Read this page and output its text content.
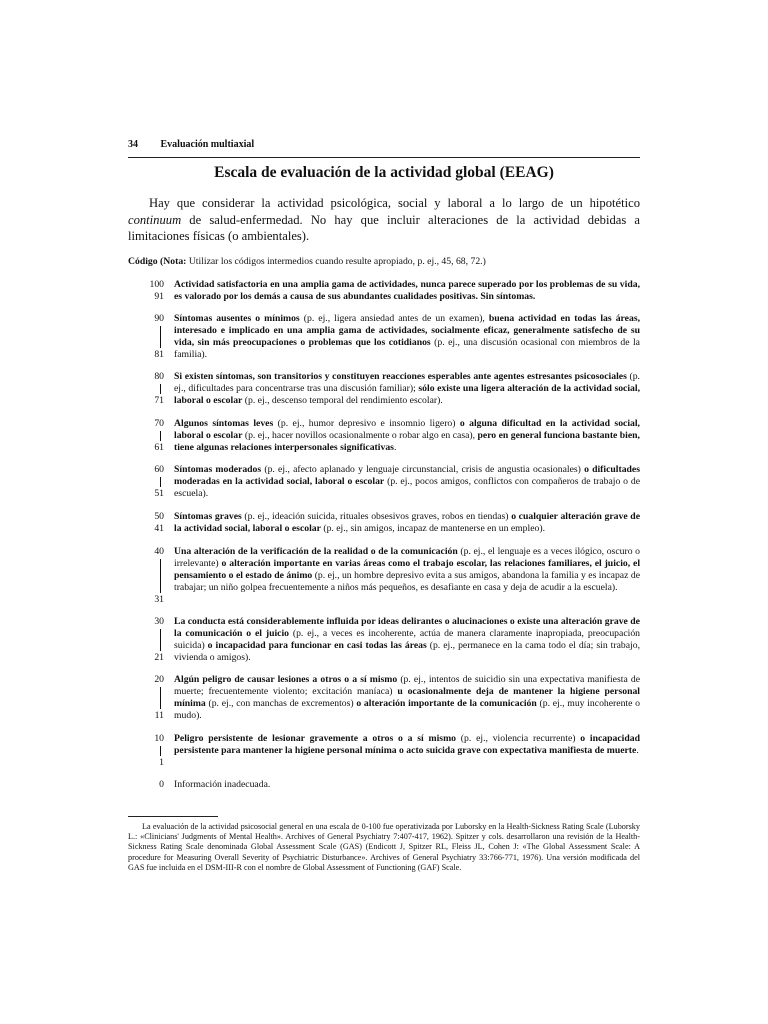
34 Evaluación multiaxial
Escala de evaluación de la actividad global (EEAG)
Hay que considerar la actividad psicológica, social y laboral a lo largo de un hipotético continuum de salud-enfermedad. No hay que incluir alteraciones de la actividad debidas a limitaciones físicas (o ambientales).
Código (Nota: Utilizar los códigos intermedios cuando resulte apropiado, p. ej., 45, 68, 72.)
100
91
Actividad satisfactoria en una amplia gama de actividades, nunca parece superado por los problemas de su vida, es valorado por los demás a causa de sus abundantes cualidades positivas. Sin síntomas.
90
81
Síntomas ausentes o mínimos (p. ej., ligera ansiedad antes de un examen), buena actividad en todas las áreas, interesado e implicado en una amplia gama de actividades, socialmente eficaz, generalmente satisfecho de su vida, sin más preocupaciones o problemas que los cotidianos (p. ej., una discusión ocasional con miembros de la familia).
80
71
Si existen síntomas, son transitorios y constituyen reacciones esperables ante agentes estresantes psicosociales (p. ej., dificultades para concentrarse tras una discusión familiar); sólo existe una ligera alteración de la actividad social, laboral o escolar (p. ej., descenso temporal del rendimiento escolar).
70
61
Algunos síntomas leves (p. ej., humor depresivo e insomnio ligero) o alguna dificultad en la actividad social, laboral o escolar (p. ej., hacer novillos ocasionalmente o robar algo en casa), pero en general funciona bastante bien, tiene algunas relaciones interpersonales significativas.
60
51
Síntomas moderados (p. ej., afecto aplanado y lenguaje circunstancial, crisis de angustia ocasionales) o dificultades moderadas en la actividad social, laboral o escolar (p. ej., pocos amigos, conflictos con compañeros de trabajo o de escuela).
50
41
Síntomas graves (p. ej., ideación suicida, rituales obsesivos graves, robos en tiendas) o cualquier alteración grave de la actividad social, laboral o escolar (p. ej., sin amigos, incapaz de mantenerse en un empleo).
40
31
Una alteración de la verificación de la realidad o de la comunicación (p. ej., el lenguaje es a veces ilógico, oscuro o irrelevante) o alteración importante en varias áreas como el trabajo escolar, las relaciones familiares, el juicio, el pensamiento o el estado de ánimo (p. ej., un hombre depresivo evita a sus amigos, abandona la familia y es incapaz de trabajar; un niño golpea frecuentemente a niños más pequeños, es desafiante en casa y deja de acudir a la escuela).
30
21
La conducta está considerablemente influida por ideas delirantes o alucinaciones o existe una alteración grave de la comunicación o el juicio (p. ej., a veces es incoherente, actúa de manera claramente inapropiada, preocupación suicida) o incapacidad para funcionar en casi todas las áreas (p. ej., permanece en la cama todo el día; sin trabajo, vivienda o amigos).
20
11
Algún peligro de causar lesiones a otros o a sí mismo (p. ej., intentos de suicidio sin una expectativa manifiesta de muerte; frecuentemente violento; excitación maníaca) u ocasionalmente deja de mantener la higiene personal mínima (p. ej., con manchas de excrementos) o alteración importante de la comunicación (p. ej., muy incoherente o mudo).
10
1
Peligro persistente de lesionar gravemente a otros o a sí mismo (p. ej., violencia recurrente) o incapacidad persistente para mantener la higiene personal mínima o acto suicida grave con expectativa manifiesta de muerte.
0 Información inadecuada.
La evaluación de la actividad psicosocial general en una escala de 0-100 fue operativizada por Luborsky en la Health-Sickness Rating Scale (Luborsky L.: «Clinicians' Judgments of Mental Health». Archives of General Psychiatry 7:407-417, 1962). Spitzer y cols. desarrollaron una revisión de la Health-Sickness Rating Scale denominada Global Assessment Scale (GAS) (Endicott J, Spitzer RL, Fleiss JL, Cohen J: «The Global Assessment Scale: A procedure for Measuring Overall Severity of Psychiatric Disturbance». Archives of General Psychiatry 33:766-771, 1976). Una versión modificada del GAS fue incluida en el DSM-III-R con el nombre de Global Assessment of Functioning (GAF) Scale.
